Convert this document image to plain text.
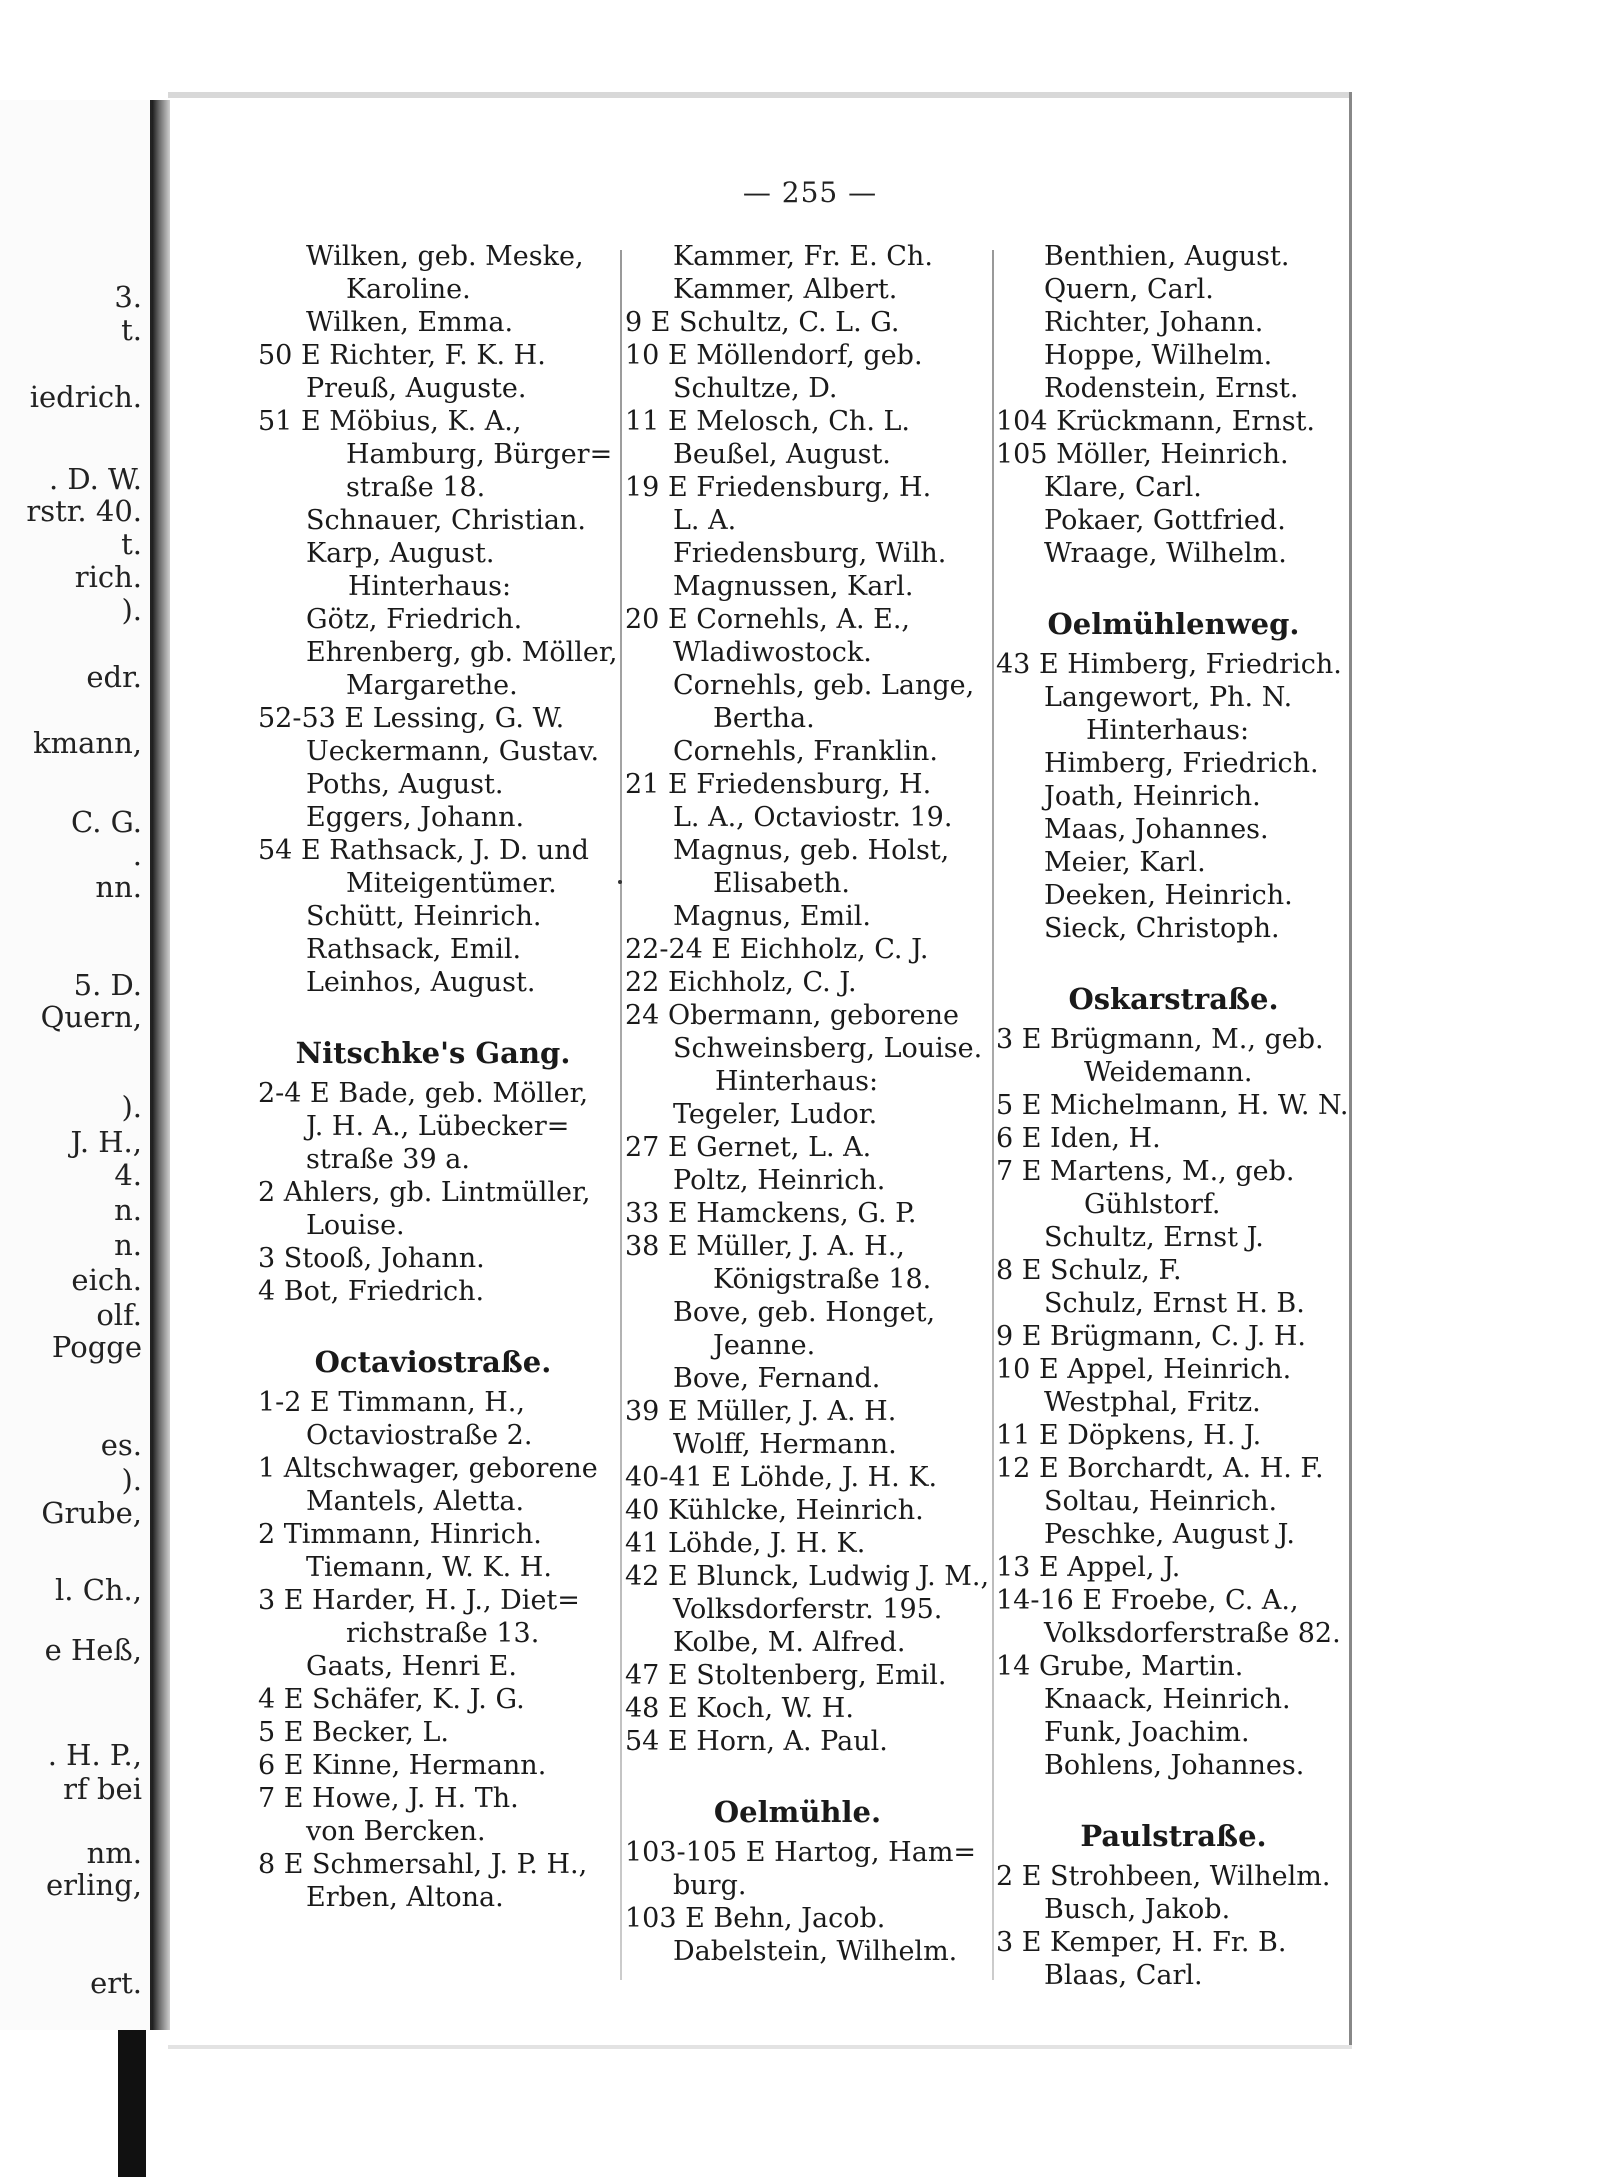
3.
t.
iedrich.
. D. W.
rstr. 40.
t.
rich.
).
edr.
kmann,
C. G.
.
nn.
5. D.
Quern,
).
J. H.,
4.
n.
n.
eich.
olf.
Pogge
es.
).
Grube,
l. Ch.,
e Heß,
. H. P.,
rf bei
nm.
erling,
ert.
— 255 —
Wilken, geb. Meske,
Karoline.
Wilken, Emma.
50 E Richter, F. K. H.
Preuß, Auguste.
51 E Möbius, K. A.,
Hamburg, Bürger=
straße 18.
Schnauer, Christian.
Karp, August.
Hinterhaus:
Götz, Friedrich.
Ehrenberg, gb. Möller,
Margarethe.
52-53 E Lessing, G. W.
Ueckermann, Gustav.
Poths, August.
Eggers, Johann.
54 E Rathsack, J. D. und
Miteigentümer.
Schütt, Heinrich.
Rathsack, Emil.
Leinhos, August.
Nitschke's Gang.
2-4 E Bade, geb. Möller,
J. H. A., Lübecker=
straße 39 a.
2 Ahlers, gb. Lintmüller,
Louise.
3 Stooß, Johann.
4 Bot, Friedrich.
Octaviostraße.
1-2 E Timmann, H.,
Octaviostraße 2.
1 Altschwager, geborene
Mantels, Aletta.
2 Timmann, Hinrich.
Tiemann, W. K. H.
3 E Harder, H. J., Diet=
richstraße 13.
Gaats, Henri E.
4 E Schäfer, K. J. G.
5 E Becker, L.
6 E Kinne, Hermann.
7 E Howe, J. H. Th.
von Bercken.
8 E Schmersahl, J. P. H.,
Erben, Altona.
Kammer, Fr. E. Ch.
Kammer, Albert.
9 E Schultz, C. L. G.
10 E Möllendorf, geb.
Schultze, D.
11 E Melosch, Ch. L.
Beußel, August.
19 E Friedensburg, H.
L. A.
Friedensburg, Wilh.
Magnussen, Karl.
20 E Cornehls, A. E.,
Wladiwostock.
Cornehls, geb. Lange,
Bertha.
Cornehls, Franklin.
21 E Friedensburg, H.
L. A., Octaviostr. 19.
Magnus, geb. Holst,
Elisabeth.
Magnus, Emil.
22-24 E Eichholz, C. J.
22 Eichholz, C. J.
24 Obermann, geborene
Schweinsberg, Louise.
Hinterhaus:
Tegeler, Ludor.
27 E Gernet, L. A.
Poltz, Heinrich.
33 E Hamckens, G. P.
38 E Müller, J. A. H.,
Königstraße 18.
Bove, geb. Honget,
Jeanne.
Bove, Fernand.
39 E Müller, J. A. H.
Wolff, Hermann.
40-41 E Löhde, J. H. K.
40 Kühlcke, Heinrich.
41 Löhde, J. H. K.
42 E Blunck, Ludwig J. M.,
Volksdorferstr. 195.
Kolbe, M. Alfred.
47 E Stoltenberg, Emil.
48 E Koch, W. H.
54 E Horn, A. Paul.
Oelmühle.
103-105 E Hartog, Ham=
burg.
103 E Behn, Jacob.
Dabelstein, Wilhelm.
Benthien, August.
Quern, Carl.
Richter, Johann.
Hoppe, Wilhelm.
Rodenstein, Ernst.
104 Krückmann, Ernst.
105 Möller, Heinrich.
Klare, Carl.
Pokaer, Gottfried.
Wraage, Wilhelm.
Oelmühlenweg.
43 E Himberg, Friedrich.
Langewort, Ph. N.
Hinterhaus:
Himberg, Friedrich.
Joath, Heinrich.
Maas, Johannes.
Meier, Karl.
Deeken, Heinrich.
Sieck, Christoph.
Oskarstraße.
3 E Brügmann, M., geb.
Weidemann.
5 E Michelmann, H. W. N.
6 E Iden, H.
7 E Martens, M., geb.
Gühlstorf.
Schultz, Ernst J.
8 E Schulz, F.
Schulz, Ernst H. B.
9 E Brügmann, C. J. H.
10 E Appel, Heinrich.
Westphal, Fritz.
11 E Döpkens, H. J.
12 E Borchardt, A. H. F.
Soltau, Heinrich.
Peschke, August J.
13 E Appel, J.
14-16 E Froebe, C. A.,
Volksdorferstraße 82.
14 Grube, Martin.
Knaack, Heinrich.
Funk, Joachim.
Bohlens, Johannes.
Paulstraße.
2 E Strohbeen, Wilhelm.
Busch, Jakob.
3 E Kemper, H. Fr. B.
Blaas, Carl.
